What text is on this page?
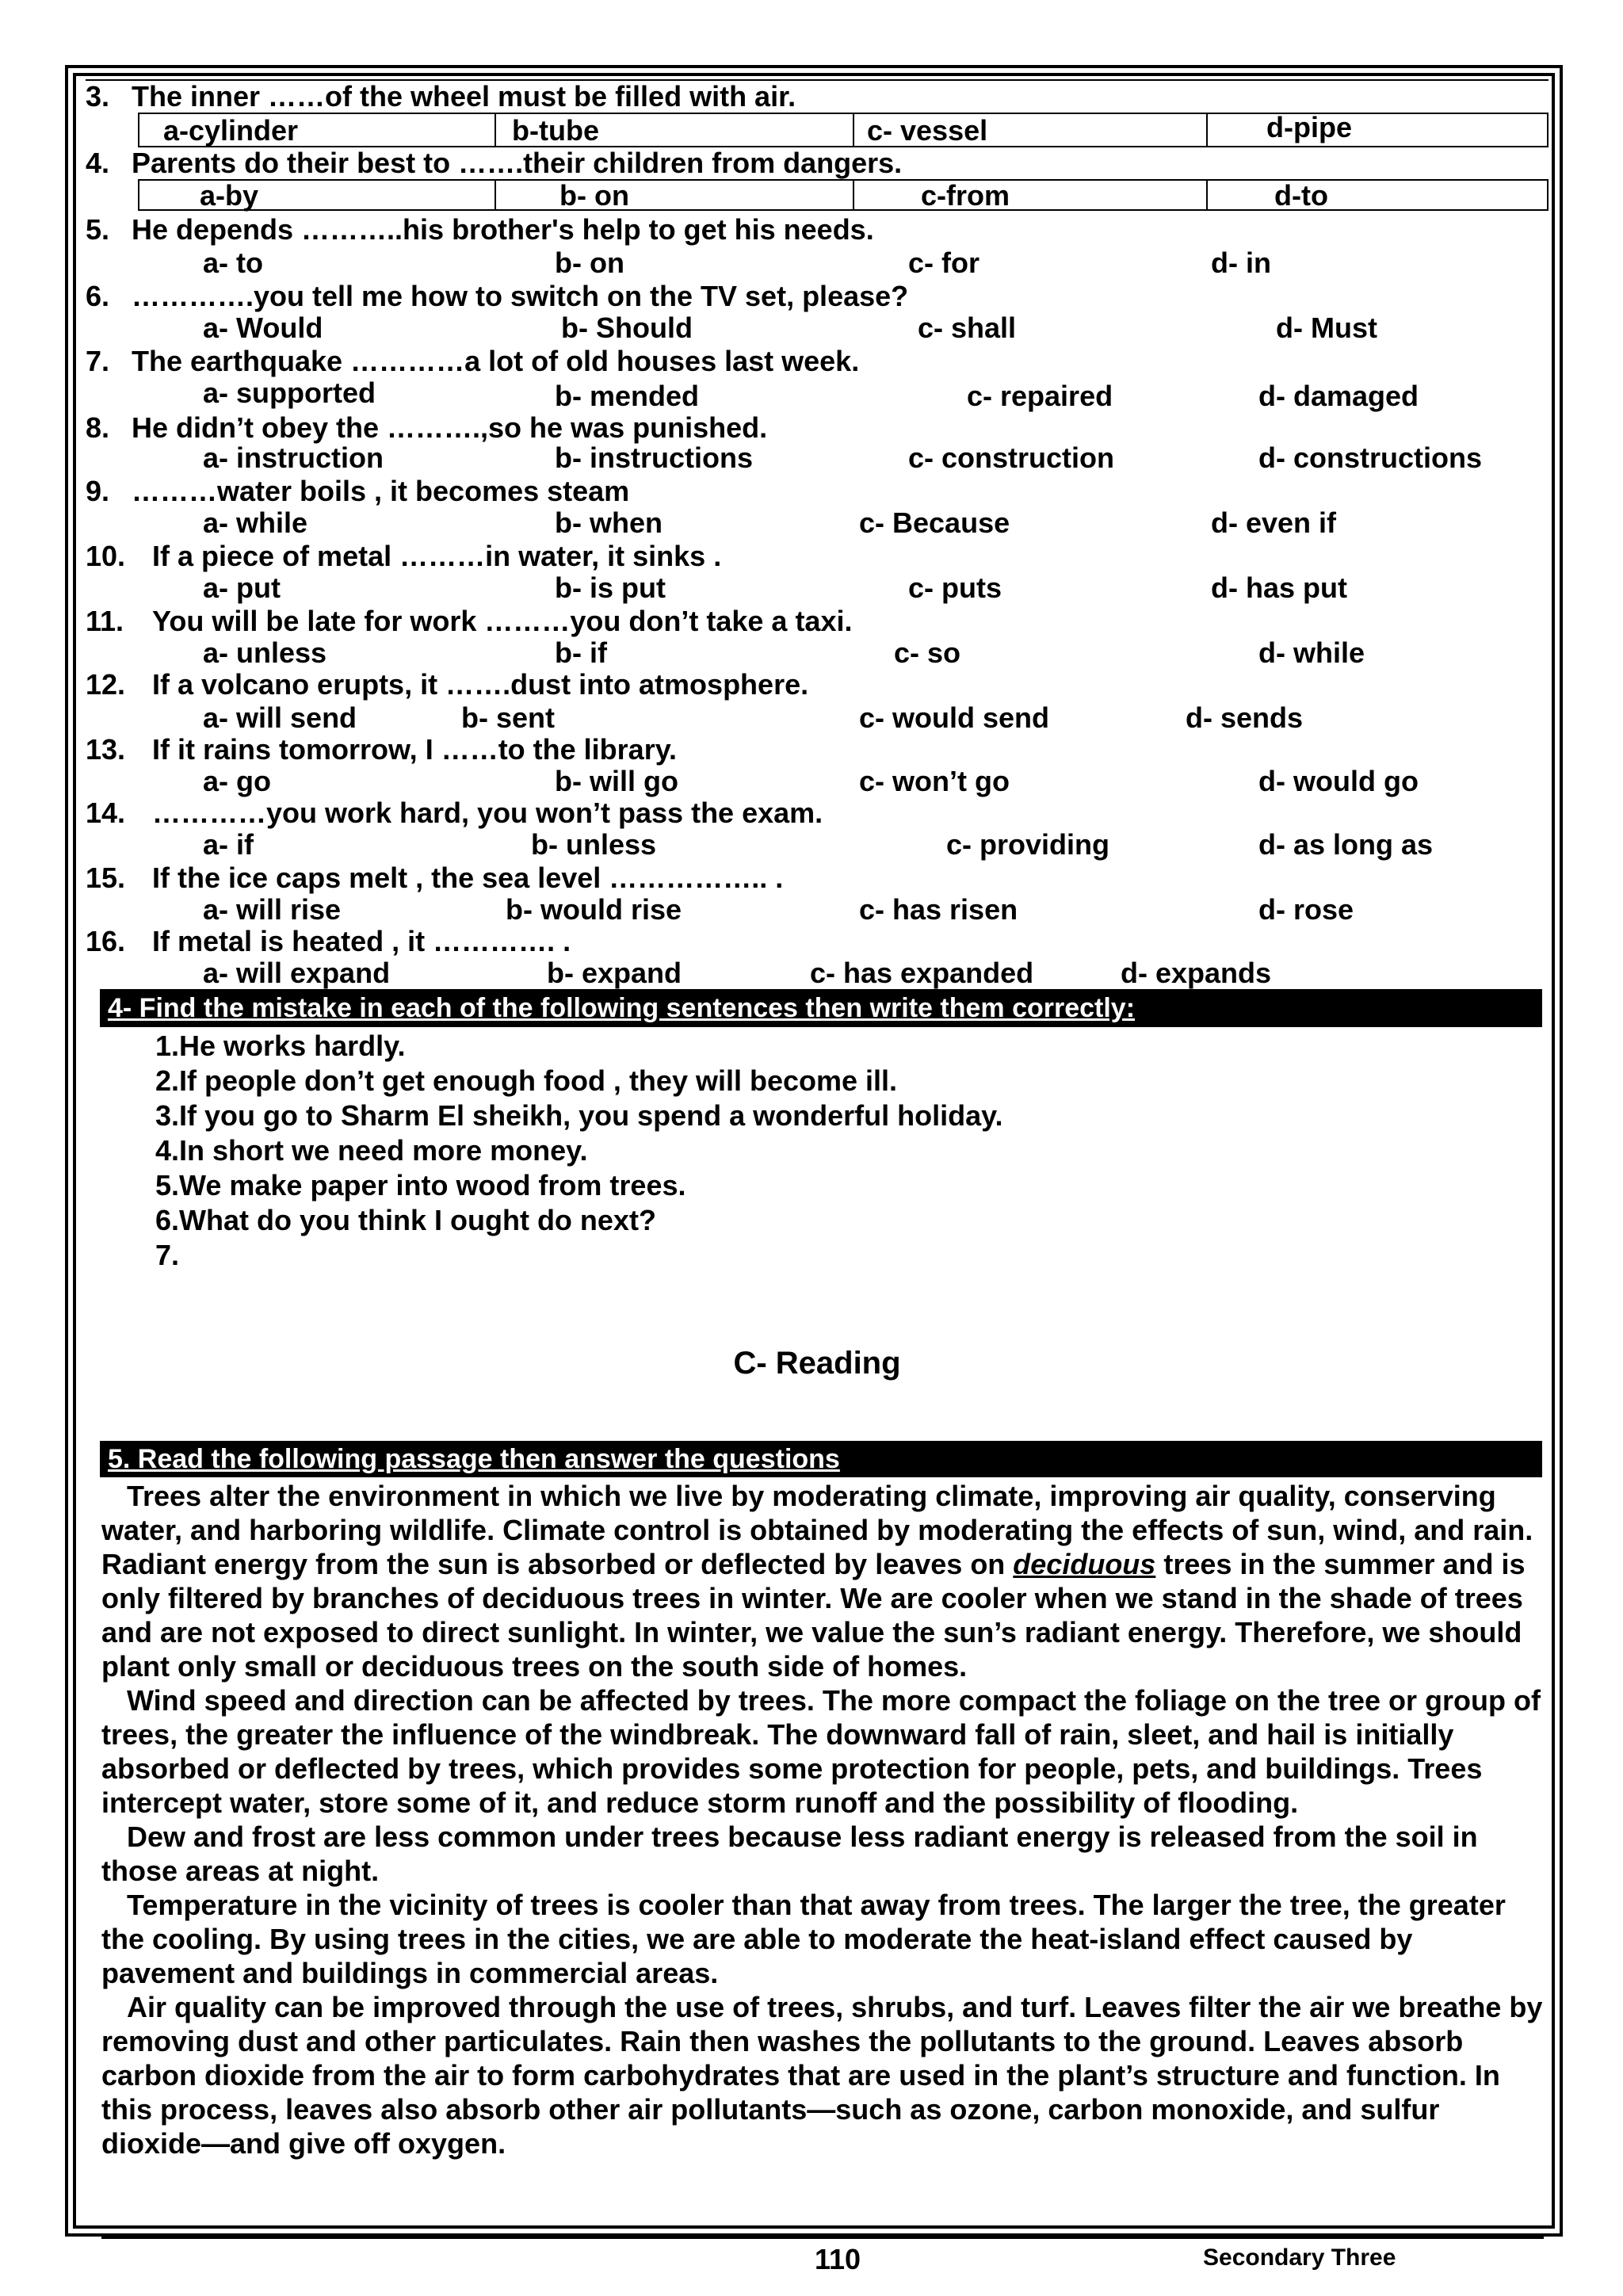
3. The inner ……of the wheel must be filled with air.
a-cylinder	b-tube	c- vessel	d-pipe
4. Parents do their best to …….their children from dangers.
a-by	b- on	c-from	d-to
5. He depends ………..his brother's help to get his needs.
a- to	b- on	c- for	d- in
6. ………….you tell me how to switch on the TV set, please?
a- Would	b- Should	c- shall	d- Must
7. The earthquake …………a lot of old houses last week.
a- supported	b- mended	c- repaired	d- damaged
8. He didn’t obey the ……….,so he was punished.
a- instruction	b- instructions	c- construction	d- constructions
9. ………water boils , it becomes steam
a- while	b- when	c- Because	d- even if
10. If a piece of metal ………in water, it sinks .
a- put	b- is put	c- puts	d- has put
11. You will be late for work ………you don’t take a taxi.
a- unless	b- if	c- so	d- while
12. If a volcano erupts, it …….dust into atmosphere.
a- will send	b- sent	c- would send	d- sends
13. If it rains tomorrow, I ……to the library.
a- go	b- will go	c- won’t go	d- would go
14. …………you work hard, you won’t pass the exam.
a- if	b- unless	c- providing	d- as long as
15. If the ice caps melt , the sea level …………….. .
a- will rise	b- would rise	c- has risen	d- rose
16. If metal is heated , it …………. .
a- will expand	b- expand	c- has expanded	d- expands
4- Find the mistake in each of the following sentences then write them correctly:
1.He works hardly.
2.If people don’t get enough food , they will become ill.
3.If you go to Sharm El sheikh, you spend a wonderful holiday.
4.In short we need more money.
5.We make paper into wood from trees.
6.What do you think I ought do next?
7.
C- Reading
5. Read the following passage then answer the questions

Trees alter the environment in which we live by moderating climate, improving air quality, conserving water, and harboring wildlife. Climate control is obtained by moderating the effects of sun, wind, and rain. Radiant energy from the sun is absorbed or deflected by leaves on deciduous trees in the summer and is only filtered by branches of deciduous trees in winter. We are cooler when we stand in the shade of trees and are not exposed to direct sunlight. In winter, we value the sun’s radiant energy. Therefore, we should plant only small or deciduous trees on the south side of homes.

Wind speed and direction can be affected by trees. The more compact the foliage on the tree or group of trees, the greater the influence of the windbreak. The downward fall of rain, sleet, and hail is initially absorbed or deflected by trees, which provides some protection for people, pets, and buildings. Trees intercept water, store some of it, and reduce storm runoff and the possibility of flooding.

Dew and frost are less common under trees because less radiant energy is released from the soil in those areas at night.

Temperature in the vicinity of trees is cooler than that away from trees. The larger the tree, the greater the cooling. By using trees in the cities, we are able to moderate the heat-island effect caused by pavement and buildings in commercial areas.

Air quality can be improved through the use of trees, shrubs, and turf. Leaves filter the air we breathe by removing dust and other particulates. Rain then washes the pollutants to the ground. Leaves absorb carbon dioxide from the air to form carbohydrates that are used in the plant’s structure and function. In this process, leaves also absorb other air pollutants—such as ozone, carbon monoxide, and sulfur dioxide—and give off oxygen.

110	Secondary Three
